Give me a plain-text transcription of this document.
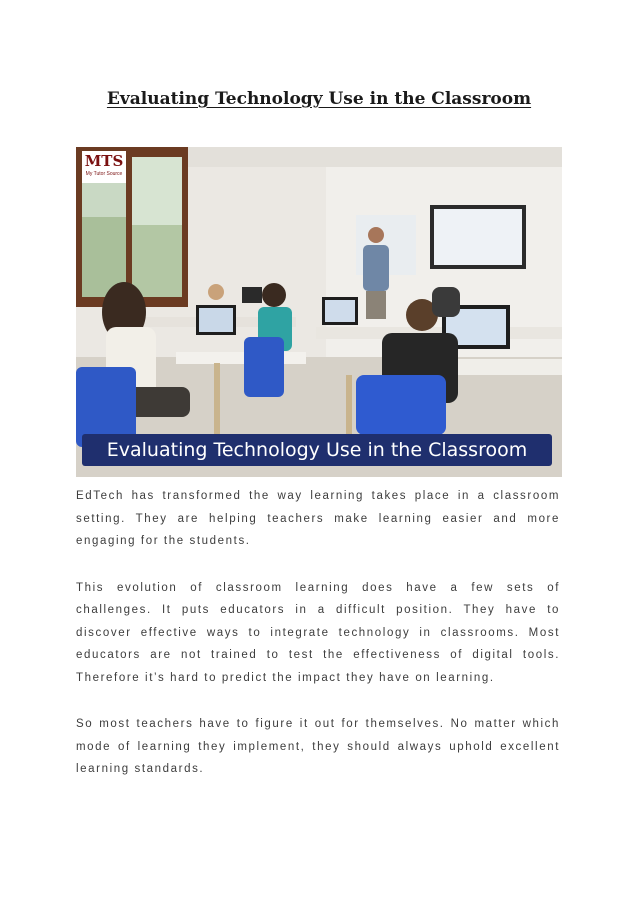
Evaluating Technology Use in the Classroom
MTS
My Tutor Source
Evaluating Technology Use in the Classroom

EdTech has transformed the way learning takes place in a classroom setting. They are helping teachers make learning easier and more engaging for the students.

This evolution of classroom learning does have a few sets of challenges. It puts educators in a difficult position. They have to discover effective ways to integrate technology in classrooms. Most educators are not trained to test the effectiveness of digital tools. Therefore it’s hard to predict the impact they have on learning.

So most teachers have to figure it out for themselves. No matter which mode of learning they implement, they should always uphold excellent learning standards.
